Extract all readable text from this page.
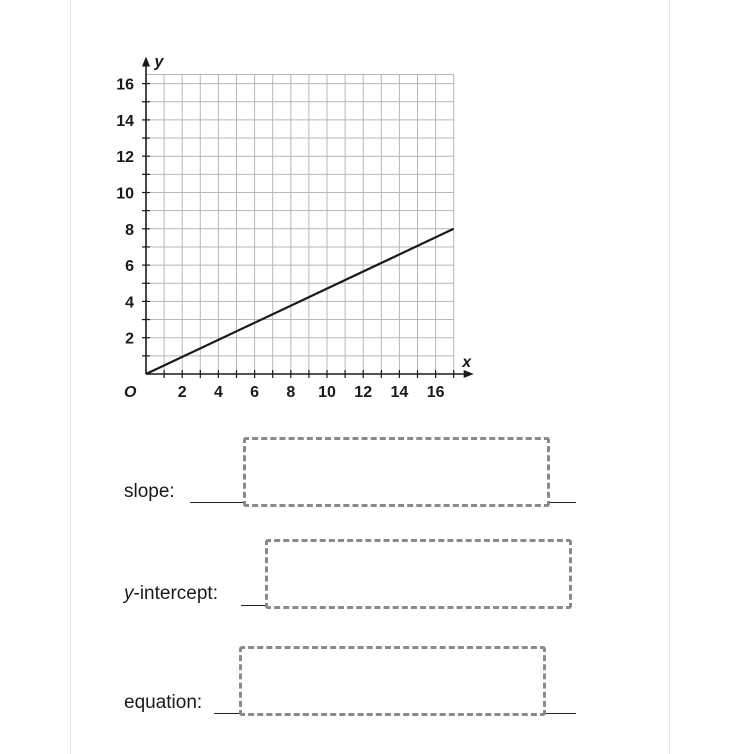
2 4 6 8 10 12 14 16
2
4
6
8
10
12
14
16
O
x
y
slope:
y-intercept:
equation:
